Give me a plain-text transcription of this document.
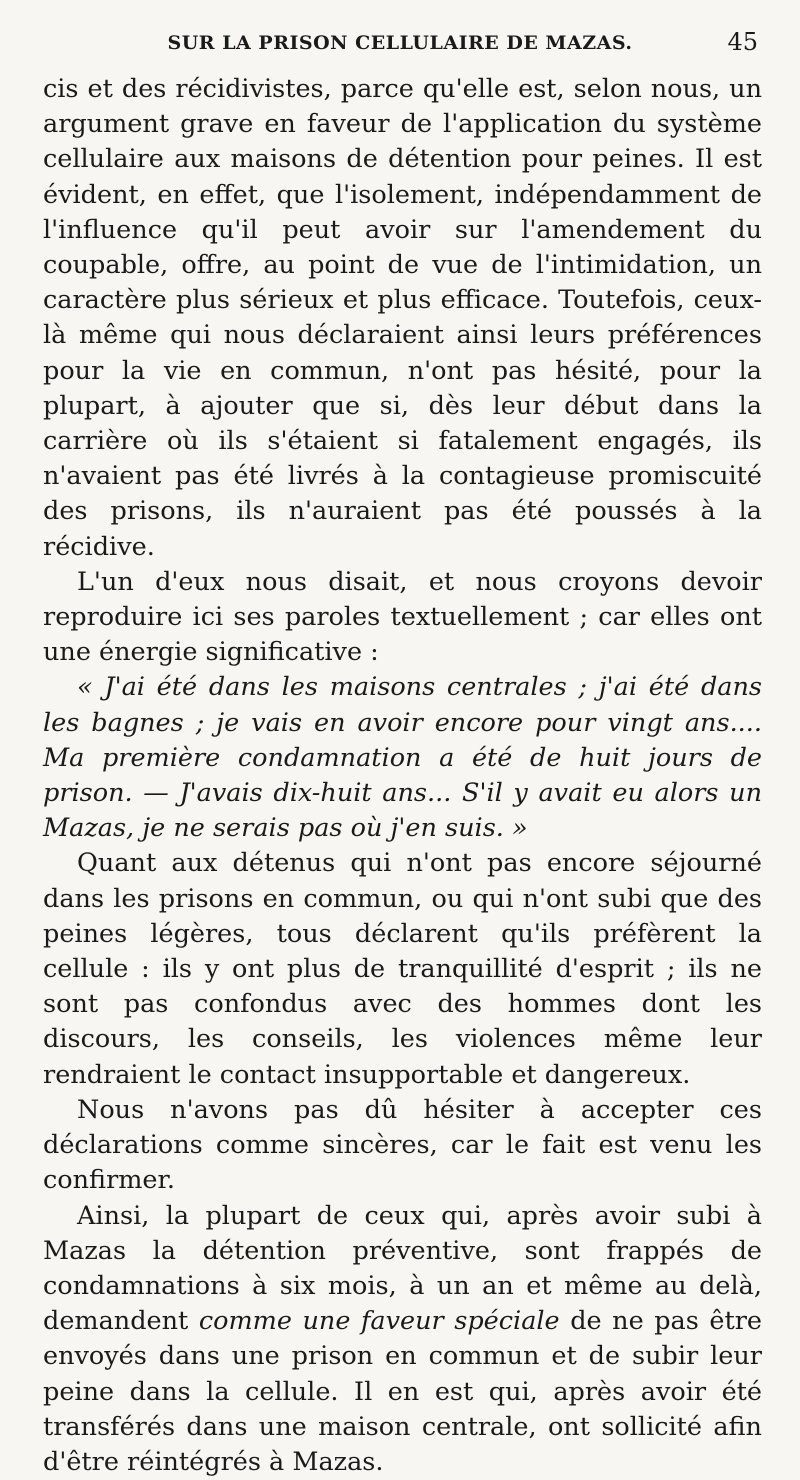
SUR LA PRISON CELLULAIRE DE MAZAS.	45

cis et des récidivistes, parce qu'elle est, selon nous, un argument grave en faveur de l'application du système cellulaire aux maisons de détention pour peines. Il est évident, en effet, que l'isolement, indépendamment de l'influence qu'il peut avoir sur l'amendement du coupable, offre, au point de vue de l'intimidation, un caractère plus sérieux et plus efficace. Toutefois, ceux-là même qui nous déclaraient ainsi leurs préférences pour la vie en commun, n'ont pas hésité, pour la plupart, à ajouter que si, dès leur début dans la carrière où ils s'étaient si fatalement engagés, ils n'avaient pas été livrés à la contagieuse promiscuité des prisons, ils n'auraient pas été poussés à la récidive.

L'un d'eux nous disait, et nous croyons devoir reproduire ici ses paroles textuellement ; car elles ont une énergie significative :

« J'ai été dans les maisons centrales ; j'ai été dans les bagnes ; je vais en avoir encore pour vingt ans.... Ma première condamnation a été de huit jours de prison. — J'avais dix-huit ans... S'il y avait eu alors un Mazas, je ne serais pas où j'en suis. »

Quant aux détenus qui n'ont pas encore séjourné dans les prisons en commun, ou qui n'ont subi que des peines légères, tous déclarent qu'ils préfèrent la cellule : ils y ont plus de tranquillité d'esprit ; ils ne sont pas confondus avec des hommes dont les discours, les conseils, les violences même leur rendraient le contact insupportable et dangereux.

Nous n'avons pas dû hésiter à accepter ces déclarations comme sincères, car le fait est venu les confirmer.

Ainsi, la plupart de ceux qui, après avoir subi à Mazas la détention préventive, sont frappés de condamnations à six mois, à un an et même au delà, demandent comme une faveur spéciale de ne pas être envoyés dans une prison en commun et de subir leur peine dans la cellule. Il en est qui, après avoir été transférés dans une maison centrale, ont sollicité afin d'être réintégrés à Mazas.
